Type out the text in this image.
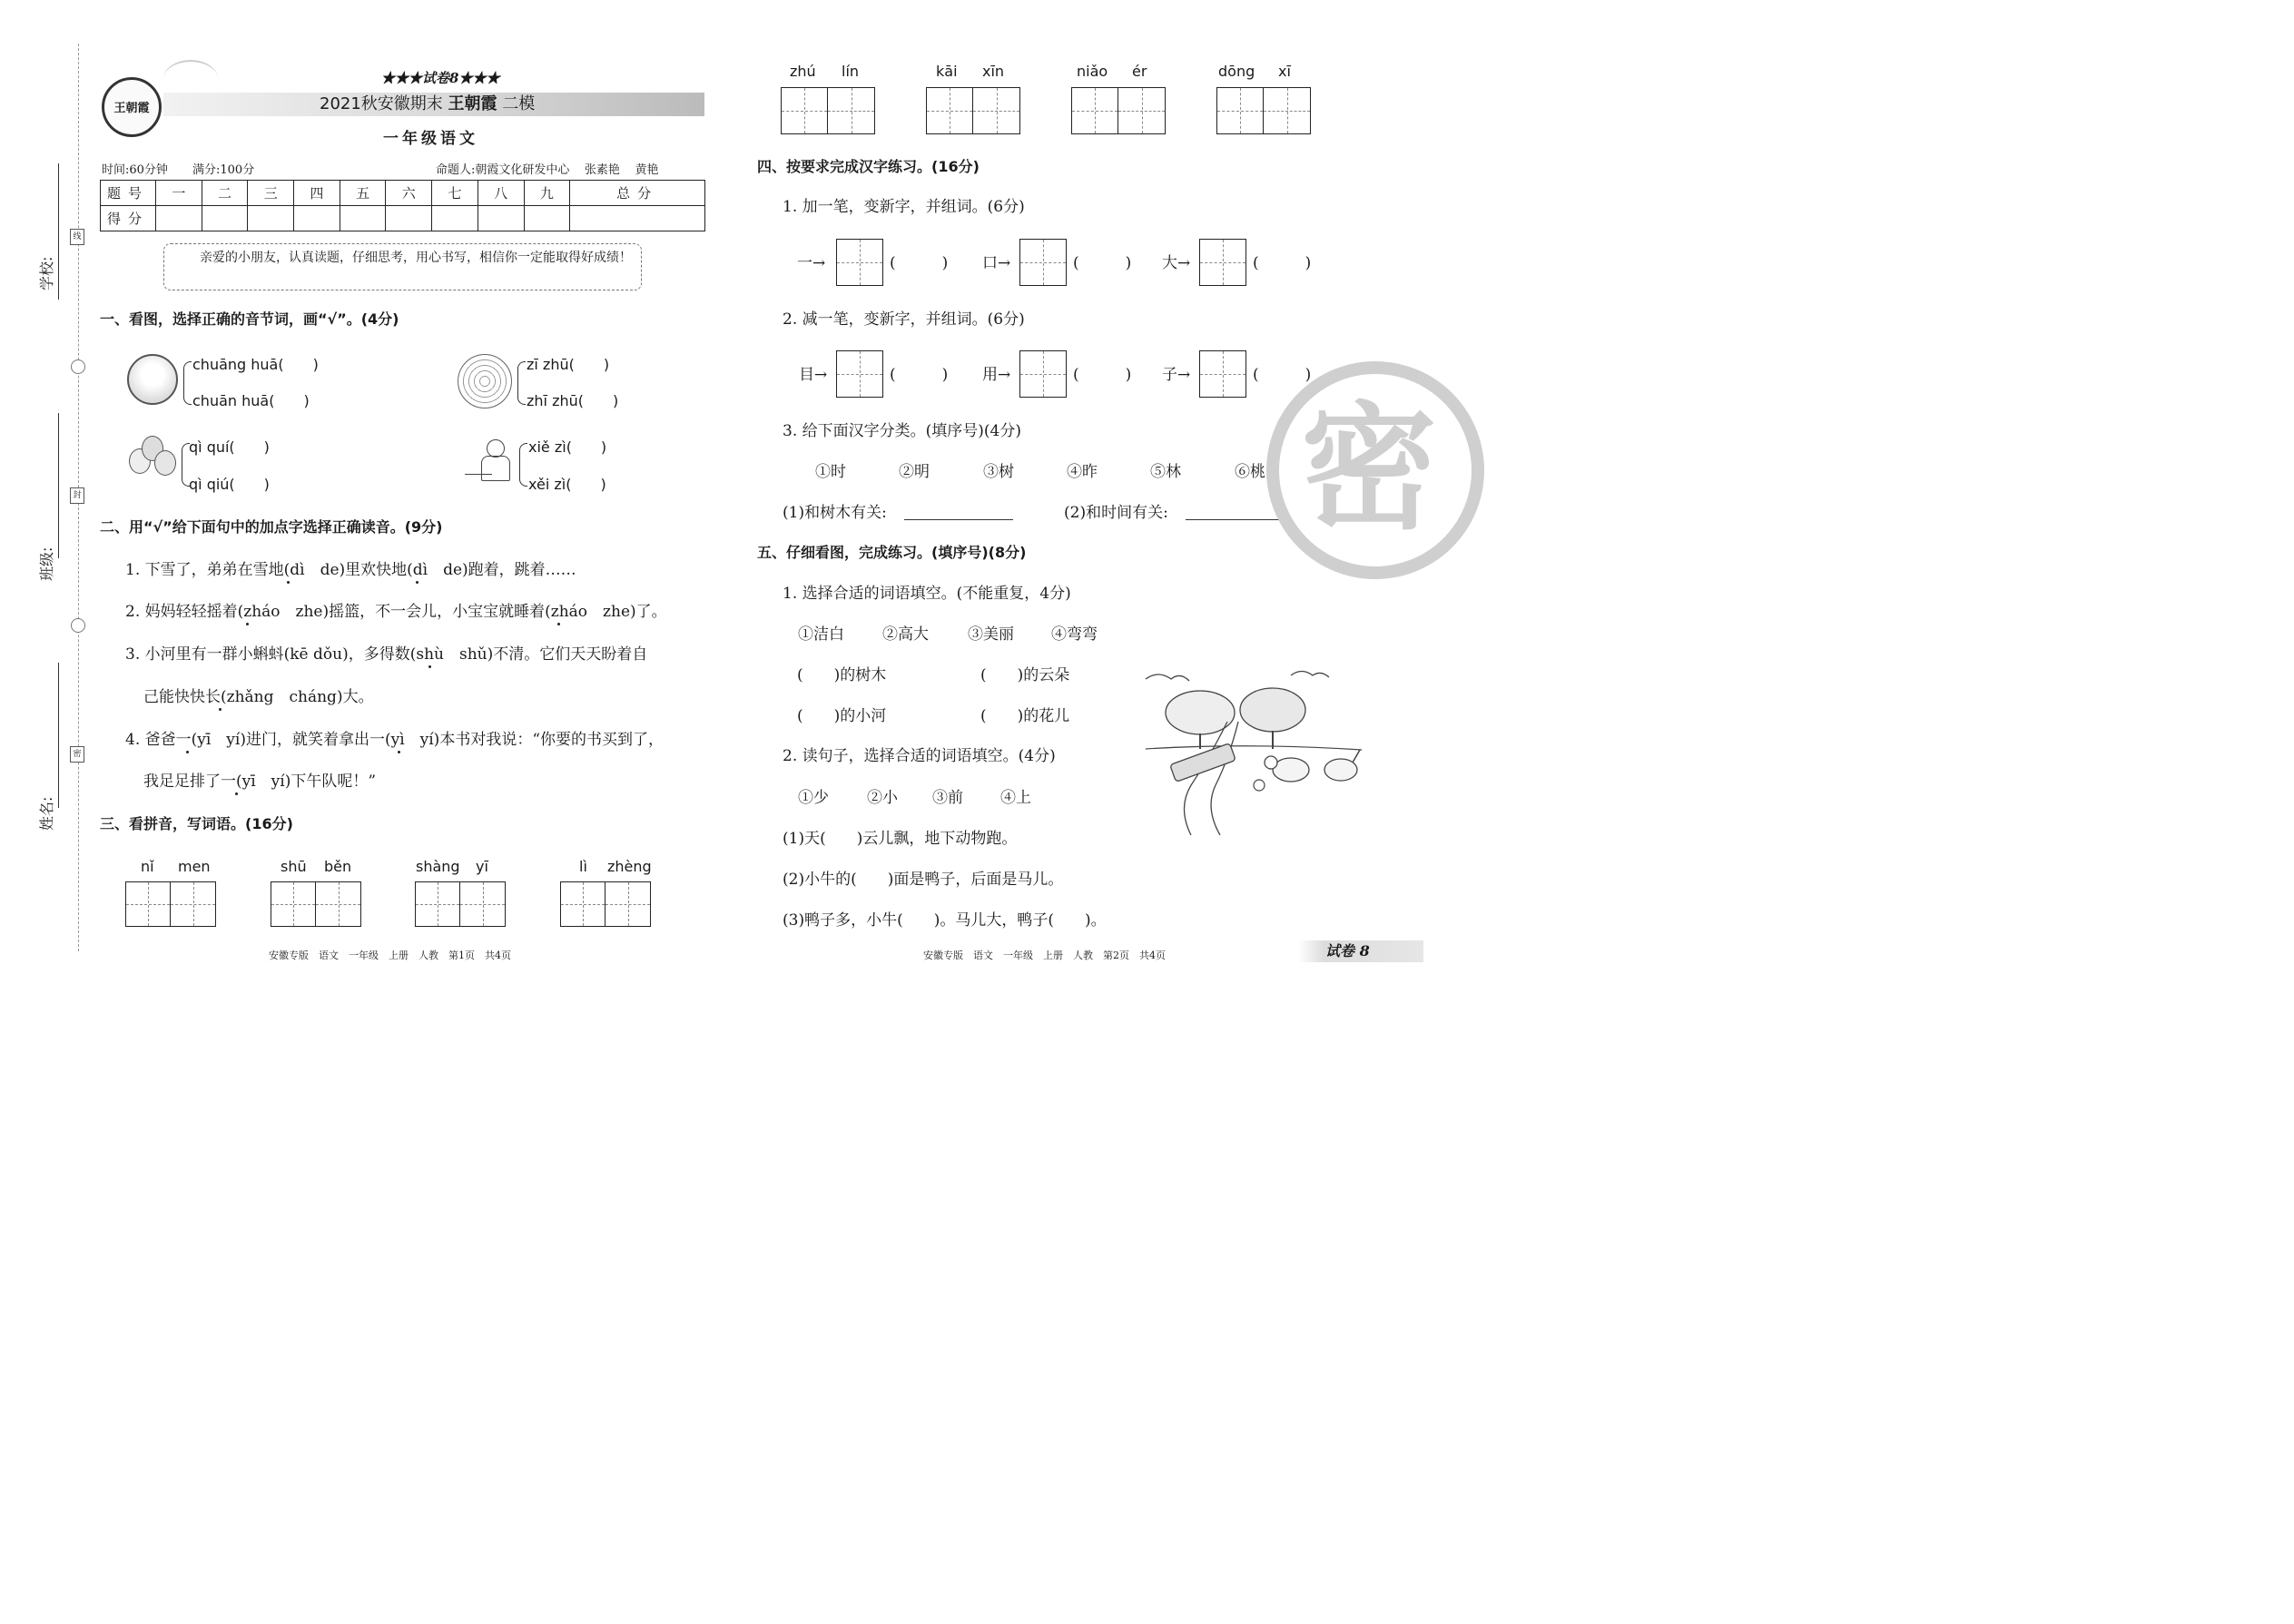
学校:
班级:
姓名:
线
封
密
王朝霞
★★★试卷8★★★
2021秋安徽期末 王朝霞 二模
一年级语文
时间:60分钟 满分:100分	命题人:朝霞文化研发中心    张素艳    黄艳
题号	一	二	三	四	五	六	七	八	九	总分
得分										
亲爱的小朋友，认真读题，仔细思考，用心书写，相信你一定能取得好成绩！
一、看图，选择正确的音节词，画“√”。(4分)
chuāng huā(　　)
chuān huā(　　)
zī zhū(　　)
zhī zhū(　　)
qì quí(　　)
qì qiú(　　)
xiě zì(　　)
xěi zì(　　)
二、用“√”给下面句中的加点字选择正确读音。(9分)
1. 下雪了，弟弟在雪地(dì　de)里欢快地(dì　de)跑着，跳着……
2. 妈妈轻轻摇着(zháo　zhe)摇篮，不一会儿，小宝宝就睡着(zháo　zhe)了。
3. 小河里有一群小蝌蚪(kē dǒu)，多得数(shù　shǔ)不清。它们天天盼着自
己能快快长(zhǎng　cháng)大。
4. 爸爸一(yī　yí)进门，就笑着拿出一(yì　yí)本书对我说：“你要的书买到了，
我足足排了一(yī　yí)下午队呢！”
三、看拼音，写词语。(16分)
nǐ men	shū běn	shàng yī	lì zhèng
安徽专版　语文　一年级　上册　人教　第1页　共4页
zhú lín	kāi xīn	niǎo ér	dōng xī
四、按要求完成汉字练习。(16分)
1. 加一笔，变新字，并组词。(6分)
一→	(　　　) 口→	(　　　) 大→	(　　　)
2. 减一笔，变新字，并组词。(6分)
目→	(　　　) 用→	(　　　) 子→	(　　　)
3. 给下面汉字分类。(填序号)(4分)
①时	②明	③树	④昨	⑤林	⑥桃
(1)和树木有关:	(2)和时间有关: 密
五、仔细看图，完成练习。(填序号)(8分)
1. 选择合适的词语填空。(不能重复，4分)
①洁白 ②高大	③美丽 ④弯弯
(　　)的树木	(　　)的云朵
(　　)的小河	(　　)的花儿
2. 读句子，选择合适的词语填空。(4分)
①少 ②小 ③前 ④上
(1)天(　　)云儿飘，地下动物跑。
(2)小牛的(　　)面是鸭子，后面是马儿。
(3)鸭子多，小牛(　　)。马儿大，鸭子(　　)。
安徽专版　语文　一年级　上册　人教　第2页　共4页	试卷 8
